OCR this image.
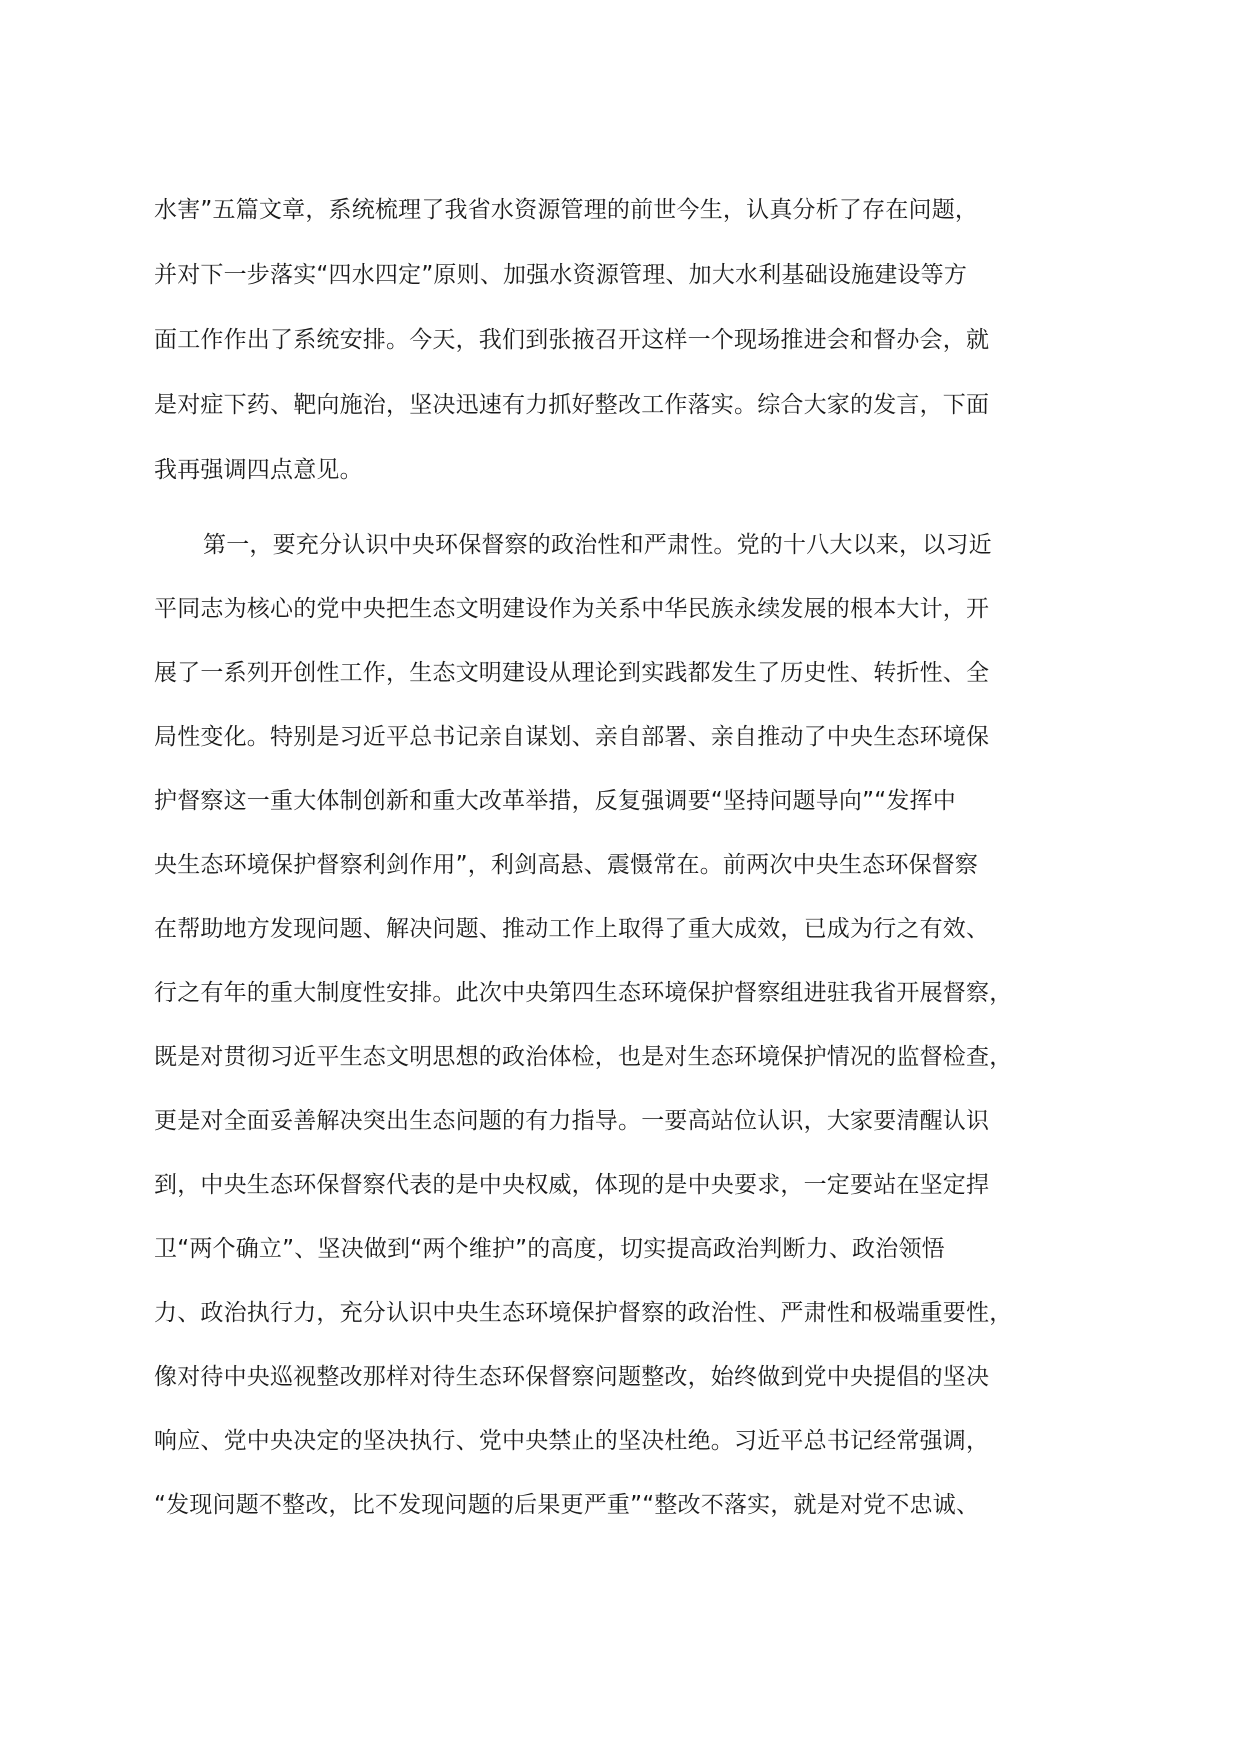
水害”五篇文章，系统梳理了我省水资源管理的前世今生，认真分析了存在问题，
并对下一步落实“四水四定”原则、加强水资源管理、加大水利基础设施建设等方
面工作作出了系统安排。今天，我们到张掖召开这样一个现场推进会和督办会，就
是对症下药、靶向施治，坚决迅速有力抓好整改工作落实。综合大家的发言，下面
我再强调四点意见。
第一，要充分认识中央环保督察的政治性和严肃性。党的十八大以来，以习近
平同志为核心的党中央把生态文明建设作为关系中华民族永续发展的根本大计，开
展了一系列开创性工作，生态文明建设从理论到实践都发生了历史性、转折性、全
局性变化。特别是习近平总书记亲自谋划、亲自部署、亲自推动了中央生态环境保
护督察这一重大体制创新和重大改革举措，反复强调要“坚持问题导向”“发挥中
央生态环境保护督察利剑作用”，利剑高悬、震慑常在。前两次中央生态环保督察
在帮助地方发现问题、解决问题、推动工作上取得了重大成效，已成为行之有效、
行之有年的重大制度性安排。此次中央第四生态环境保护督察组进驻我省开展督察，
既是对贯彻习近平生态文明思想的政治体检，也是对生态环境保护情况的监督检查，
更是对全面妥善解决突出生态问题的有力指导。一要高站位认识，大家要清醒认识
到，中央生态环保督察代表的是中央权威，体现的是中央要求，一定要站在坚定捍
卫“两个确立”、坚决做到“两个维护”的高度，切实提高政治判断力、政治领悟
力、政治执行力，充分认识中央生态环境保护督察的政治性、严肃性和极端重要性，
像对待中央巡视整改那样对待生态环保督察问题整改，始终做到党中央提倡的坚决
响应、党中央决定的坚决执行、党中央禁止的坚决杜绝。习近平总书记经常强调，
“发现问题不整改，比不发现问题的后果更严重”“整改不落实，就是对党不忠诚、
